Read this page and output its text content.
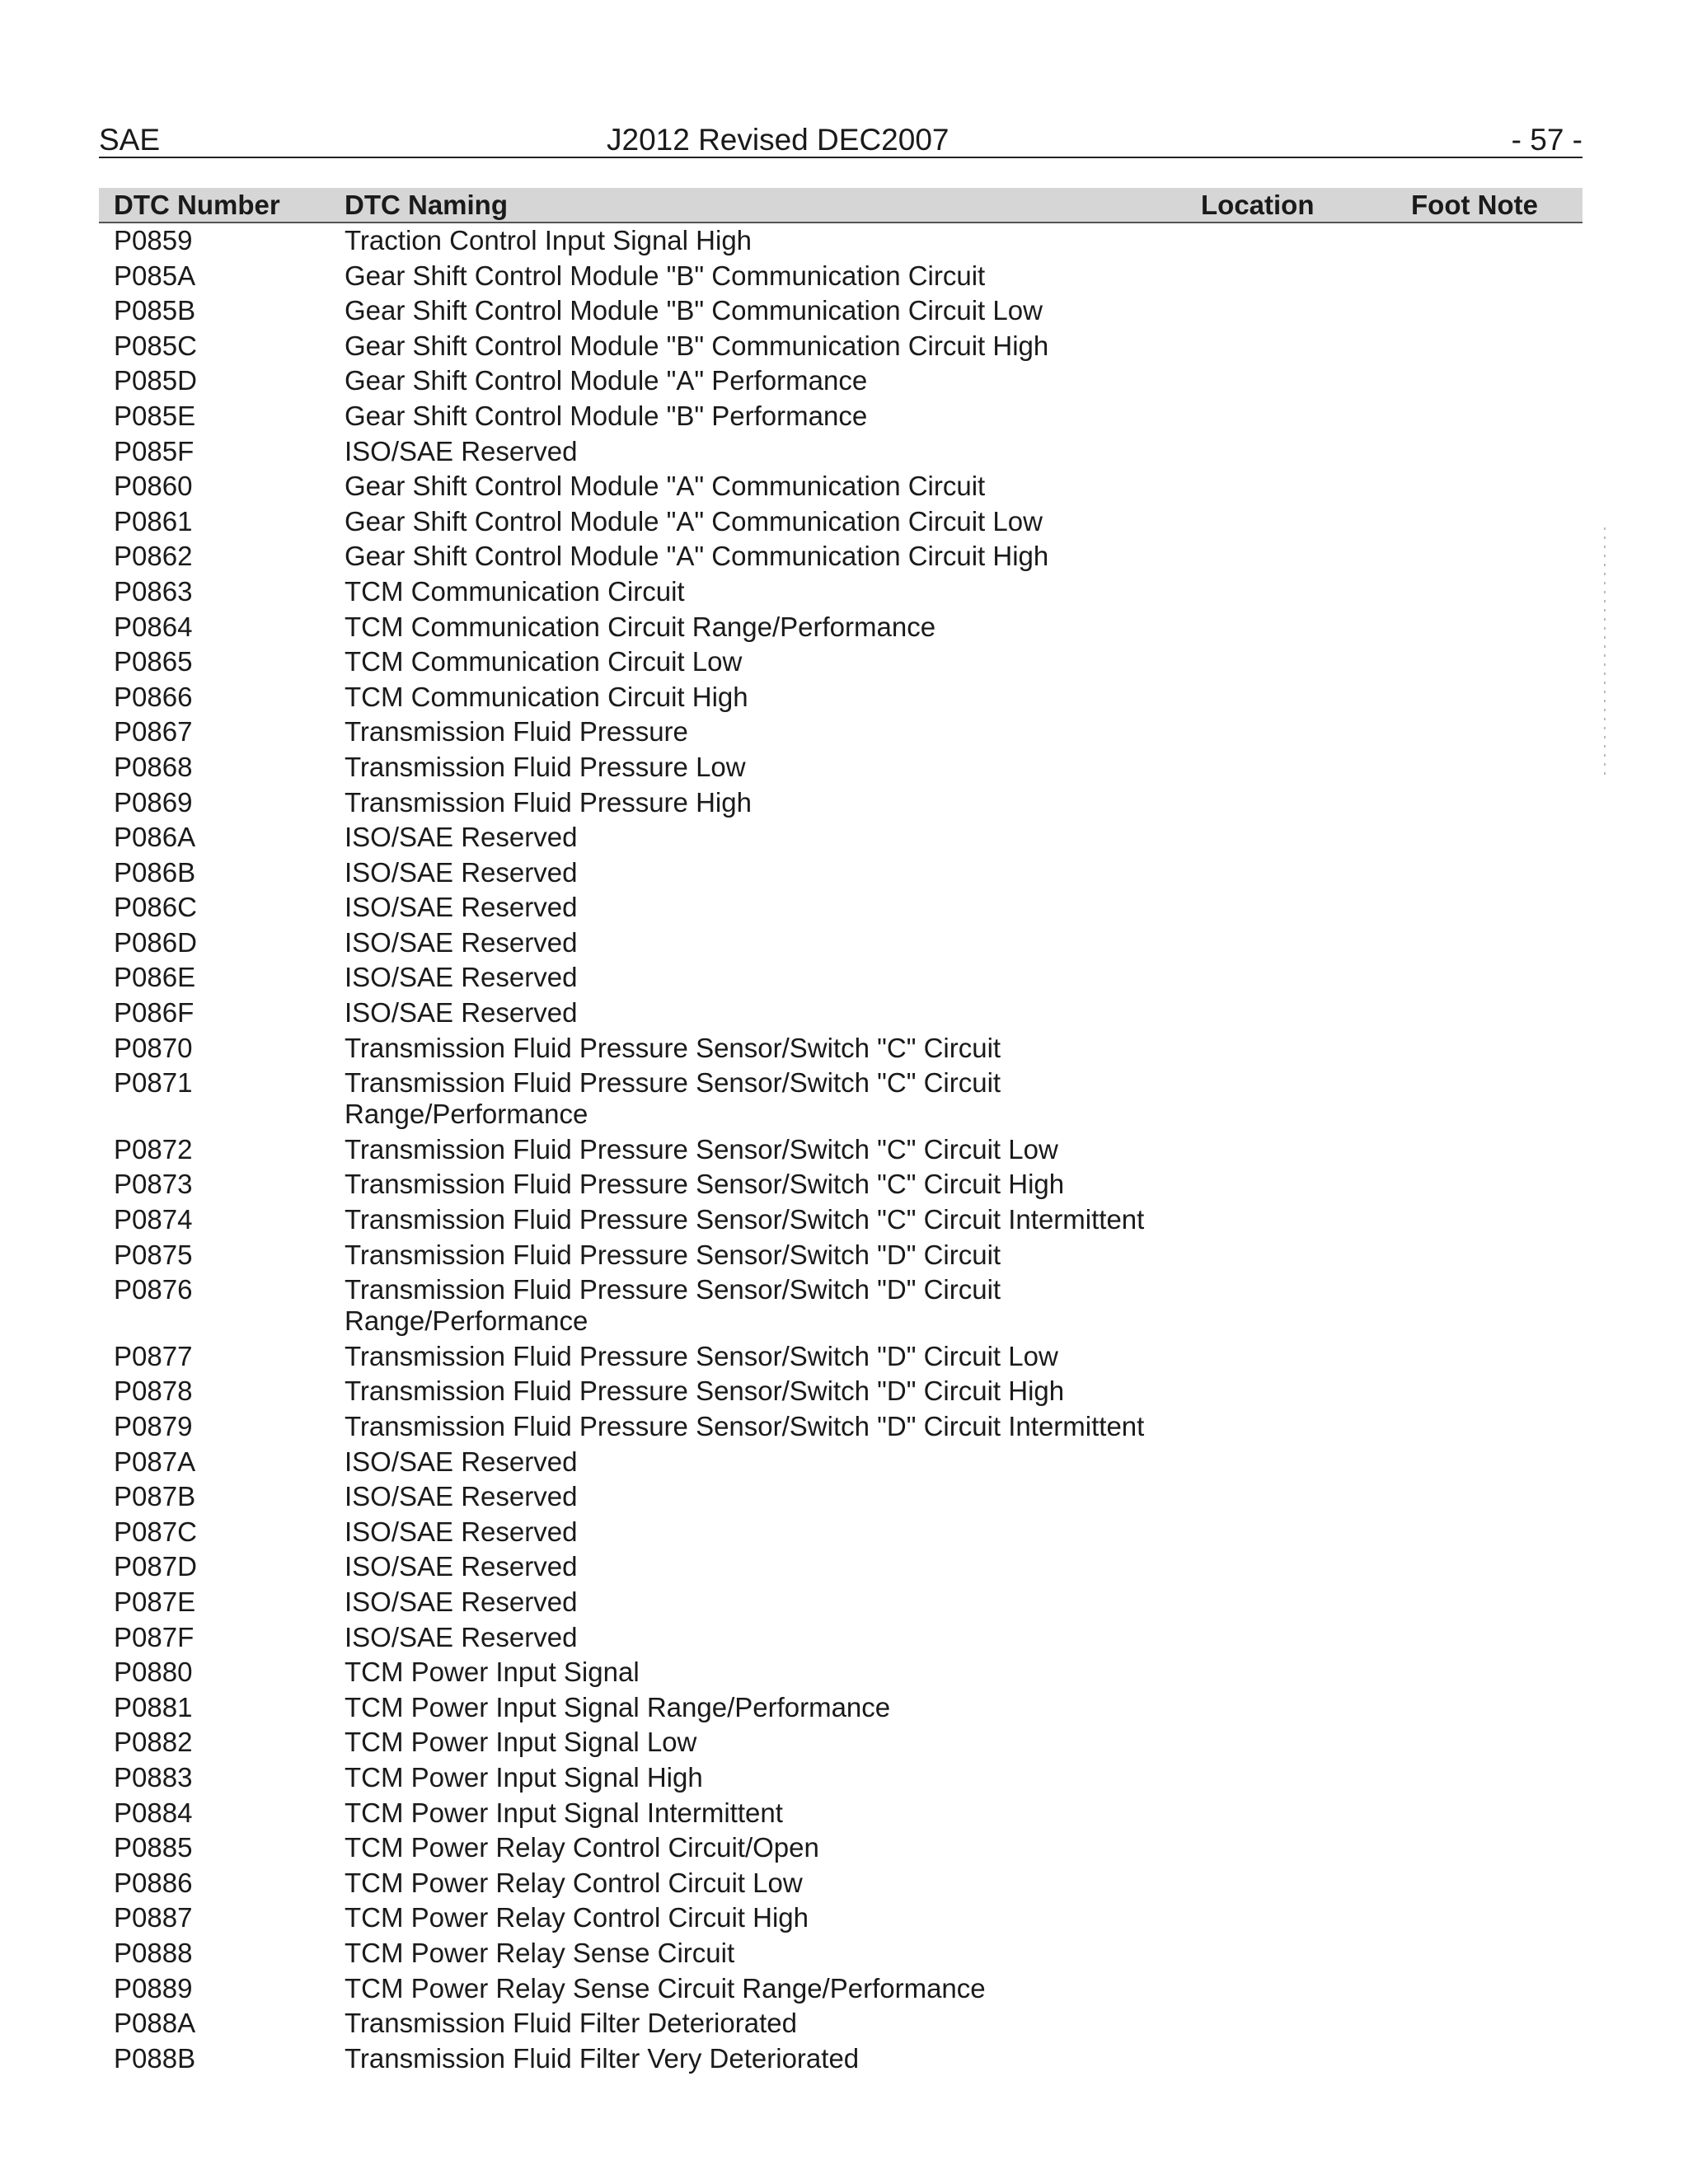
SAE	J2012 Revised DEC2007	- 57 -
DTC Number DTC Naming	Location	Foot Note
P0859	Traction Control Input Signal High
P085A	Gear Shift Control Module "B" Communication Circuit
P085B	Gear Shift Control Module "B" Communication Circuit Low
P085C	Gear Shift Control Module "B" Communication Circuit High
P085D	Gear Shift Control Module "A" Performance
P085E	Gear Shift Control Module "B" Performance
P085F	ISO/SAE Reserved
P0860	Gear Shift Control Module "A" Communication Circuit
P0861	Gear Shift Control Module "A" Communication Circuit Low
P0862	Gear Shift Control Module "A" Communication Circuit High
P0863	TCM Communication Circuit
P0864	TCM Communication Circuit Range/Performance
P0865	TCM Communication Circuit Low
P0866	TCM Communication Circuit High
P0867	Transmission Fluid Pressure
P0868	Transmission Fluid Pressure Low
P0869	Transmission Fluid Pressure High
P086A	ISO/SAE Reserved
P086B	ISO/SAE Reserved
P086C	ISO/SAE Reserved
P086D	ISO/SAE Reserved
P086E	ISO/SAE Reserved
P086F	ISO/SAE Reserved
P0870	Transmission Fluid Pressure Sensor/Switch "C" Circuit
P0871	Transmission Fluid Pressure Sensor/Switch "C" Circuit Range/Performance
P0872	Transmission Fluid Pressure Sensor/Switch "C" Circuit Low
P0873	Transmission Fluid Pressure Sensor/Switch "C" Circuit High
P0874	Transmission Fluid Pressure Sensor/Switch "C" Circuit Intermittent
P0875	Transmission Fluid Pressure Sensor/Switch "D" Circuit
P0876	Transmission Fluid Pressure Sensor/Switch "D" Circuit Range/Performance
P0877	Transmission Fluid Pressure Sensor/Switch "D" Circuit Low
P0878	Transmission Fluid Pressure Sensor/Switch "D" Circuit High
P0879	Transmission Fluid Pressure Sensor/Switch "D" Circuit Intermittent
P087A	ISO/SAE Reserved
P087B	ISO/SAE Reserved
P087C	ISO/SAE Reserved
P087D	ISO/SAE Reserved
P087E	ISO/SAE Reserved
P087F	ISO/SAE Reserved
P0880	TCM Power Input Signal
P0881	TCM Power Input Signal Range/Performance
P0882	TCM Power Input Signal Low
P0883	TCM Power Input Signal High
P0884	TCM Power Input Signal Intermittent
P0885	TCM Power Relay Control Circuit/Open
P0886	TCM Power Relay Control Circuit Low
P0887	TCM Power Relay Control Circuit High
P0888	TCM Power Relay Sense Circuit
P0889	TCM Power Relay Sense Circuit Range/Performance
P088A	Transmission Fluid Filter Deteriorated
P088B	Transmission Fluid Filter Very Deteriorated
